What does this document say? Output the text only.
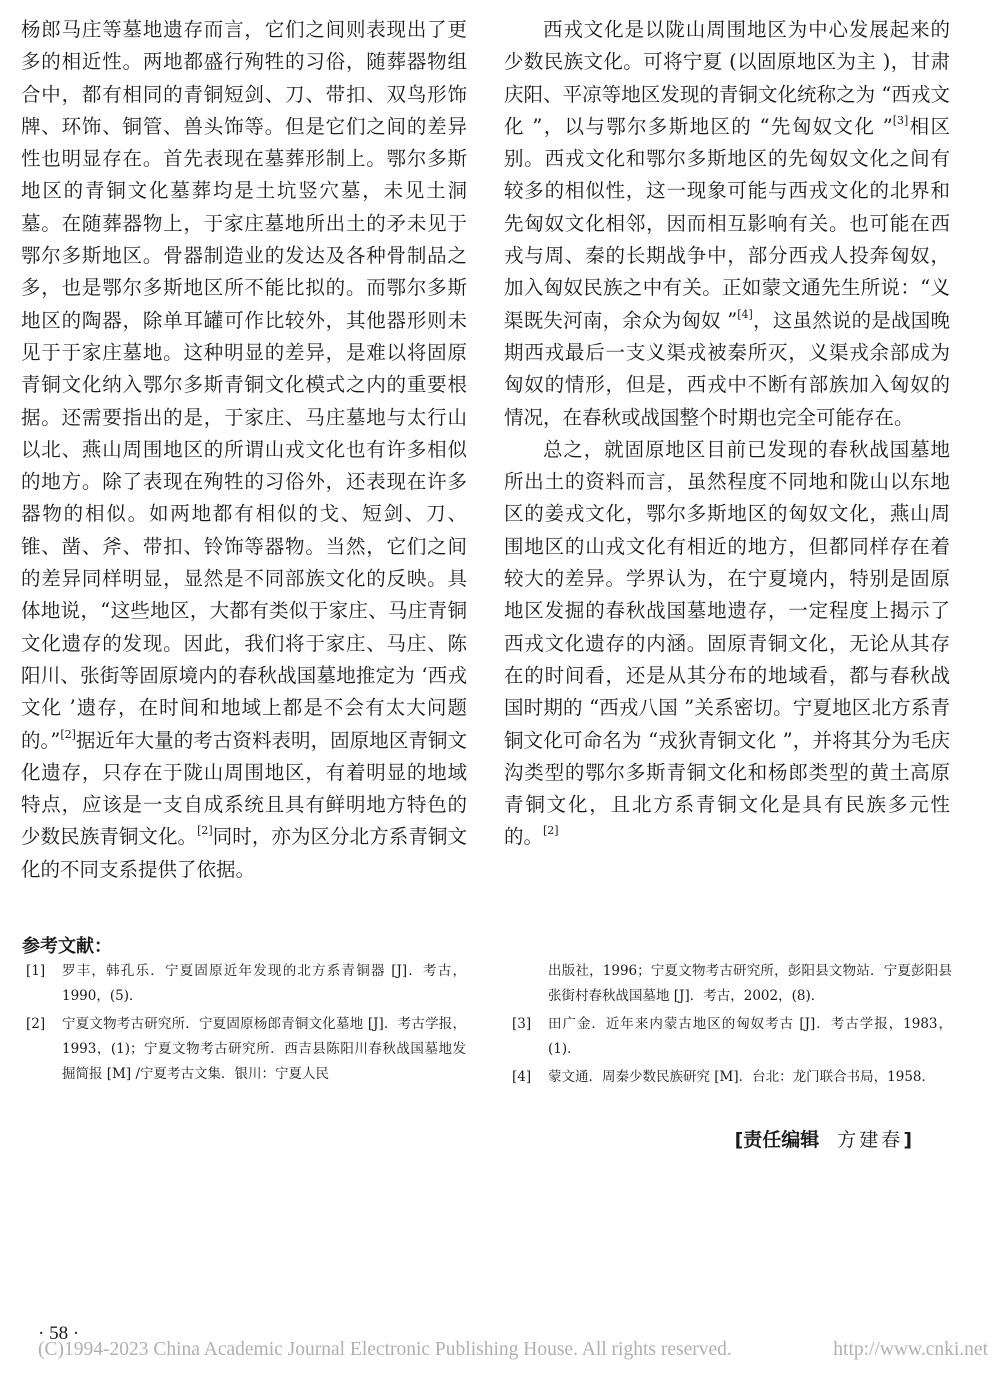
杨郎马庄等墓地遗存而言，它们之间则表现出了更多的相近性。两地都盛行殉牲的习俗，随葬器物组合中，都有相同的青铜短剑、刀、带扣、双鸟形饰牌、环饰、铜管、兽头饰等。但是它们之间的差异性也明显存在。首先表现在墓葬形制上。鄂尔多斯地区的青铜文化墓葬均是土坑竖穴墓，未见土洞墓。在随葬器物上，于家庄墓地所出土的矛未见于鄂尔多斯地区。骨器制造业的发达及各种骨制品之多，也是鄂尔多斯地区所不能比拟的。而鄂尔多斯地区的陶器，除单耳罐可作比较外，其他器形则未见于于家庄墓地。这种明显的差异，是难以将固原青铜文化纳入鄂尔多斯青铜文化模式之内的重要根据。还需要指出的是，于家庄、马庄墓地与太行山以北、燕山周围地区的所谓山戎文化也有许多相似的地方。除了表现在殉牲的习俗外，还表现在许多器物的相似。如两地都有相似的戈、短剑、刀、锥、凿、斧、带扣、铃饰等器物。当然，它们之间的差异同样明显，显然是不同部族文化的反映。具体地说，“这些地区，大都有类似于家庄、马庄青铜文化遗存的发现。因此，我们将于家庄、马庄、陈阳川、张街等固原境内的春秋战国墓地推定为 ‘西戎文化 ’遗存，在时间和地域上都是不会有太大问题的。”[2]据近年大量的考古资料表明，固原地区青铜文化遗存，只存在于陇山周围地区，有着明显的地域特点，应该是一支自成系统且具有鲜明地方特色的少数民族青铜文化。[2]同时，亦为区分北方系青铜文化的不同支系提供了依据。

西戎文化是以陇山周围地区为中心发展起来的少数民族文化。可将宁夏 (以固原地区为主 )，甘肃庆阳、平凉等地区发现的青铜文化统称之为 “西戎文化 ”，以与鄂尔多斯地区的 “先匈奴文化 ”[3]相区别。西戎文化和鄂尔多斯地区的先匈奴文化之间有较多的相似性，这一现象可能与西戎文化的北界和先匈奴文化相邻，因而相互影响有关。也可能在西戎与周、秦的长期战争中，部分西戎人投奔匈奴，加入匈奴民族之中有关。正如蒙文通先生所说：“义渠既失河南，余众为匈奴 ”[4]，这虽然说的是战国晚期西戎最后一支义渠戎被秦所灭，义渠戎余部成为匈奴的情形，但是，西戎中不断有部族加入匈奴的情况，在春秋或战国整个时期也完全可能存在。

总之，就固原地区目前已发现的春秋战国墓地所出土的资料而言，虽然程度不同地和陇山以东地区的姜戎文化，鄂尔多斯地区的匈奴文化，燕山周围地区的山戎文化有相近的地方，但都同样存在着较大的差异。学界认为，在宁夏境内，特别是固原地区发掘的春秋战国墓地遗存，一定程度上揭示了西戎文化遗存的内涵。固原青铜文化，无论从其存在的时间看，还是从其分布的地域看，都与春秋战国时期的 “西戎八国 ”关系密切。宁夏地区北方系青铜文化可命名为 “戎狄青铜文化 ”，并将其分为毛庆沟类型的鄂尔多斯青铜文化和杨郎类型的黄土高原青铜文化，且北方系青铜文化是具有民族多元性的。[2]

参考文献：
[1]	罗丰，韩孔乐．宁夏固原近年发现的北方系青铜器 [J]．考古，1990，(5)．
[2]	宁夏文物考古研究所．宁夏固原杨郎青铜文化墓地 [J]．考古学报，1993，(1)；宁夏文物考古研究所．西吉县陈阳川春秋战国墓地发掘简报 [M] /宁夏考古文集．银川：宁夏人民
出版社，1996；宁夏文物考古研究所，彭阳县文物站．宁夏彭阳县张街村春秋战国墓地 [J]．考古，2002，(8)．
[3]	田广金．近年来内蒙古地区的匈奴考古 [J]．考古学报，1983，(1)．
[4]	蒙文通．周秦少数民族研究 [M]．台北：龙门联合书局，1958．
[责任编辑 方建春]
· 58 ·
(C)1994-2023 China Academic Journal Electronic Publishing House. All rights reserved.	http://www.cnki.net
